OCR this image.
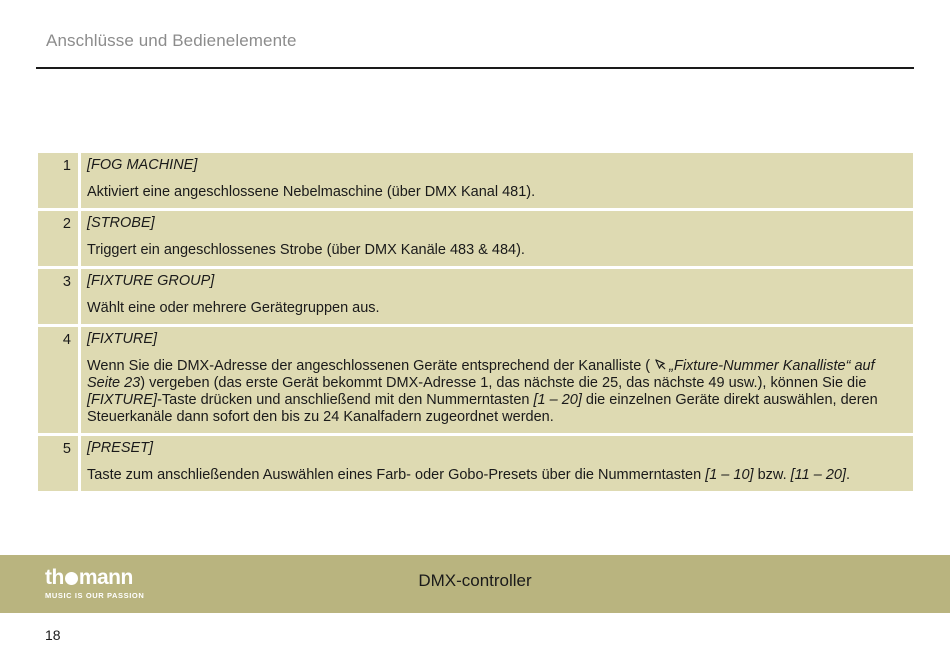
Anschlüsse und Bedienelemente
1	[FOG MACHINE]
Aktiviert eine angeschlossene Nebelmaschine (über DMX Kanal 481).
2	[STROBE]
Triggert ein angeschlossenes Strobe (über DMX Kanäle 483 & 484).
3	[FIXTURE GROUP]
Wählt eine oder mehrere Gerätegruppen aus.
4	[FIXTURE]
Wenn Sie die DMX-Adresse der angeschlossenen Geräte entsprechend der Kanalliste ( „Fixture-Nummer Kanalliste“ auf Seite 23) vergeben (das erste Gerät bekommt DMX-Adresse 1, das nächste die 25, das nächste 49 usw.), können Sie die [FIXTURE]-Taste drücken und anschließend mit den Nummerntasten [1 – 20] die einzelnen Geräte direkt auswählen, deren Steuerkanäle dann sofort den bis zu 24 Kanalfadern zugeordnet werden.
5	[PRESET]
Taste zum anschließenden Auswählen eines Farb- oder Gobo-Presets über die Nummerntasten [1 – 10] bzw. [11 – 20].
th mann
MUSIC IS OUR PASSION
DMX-controller
18
